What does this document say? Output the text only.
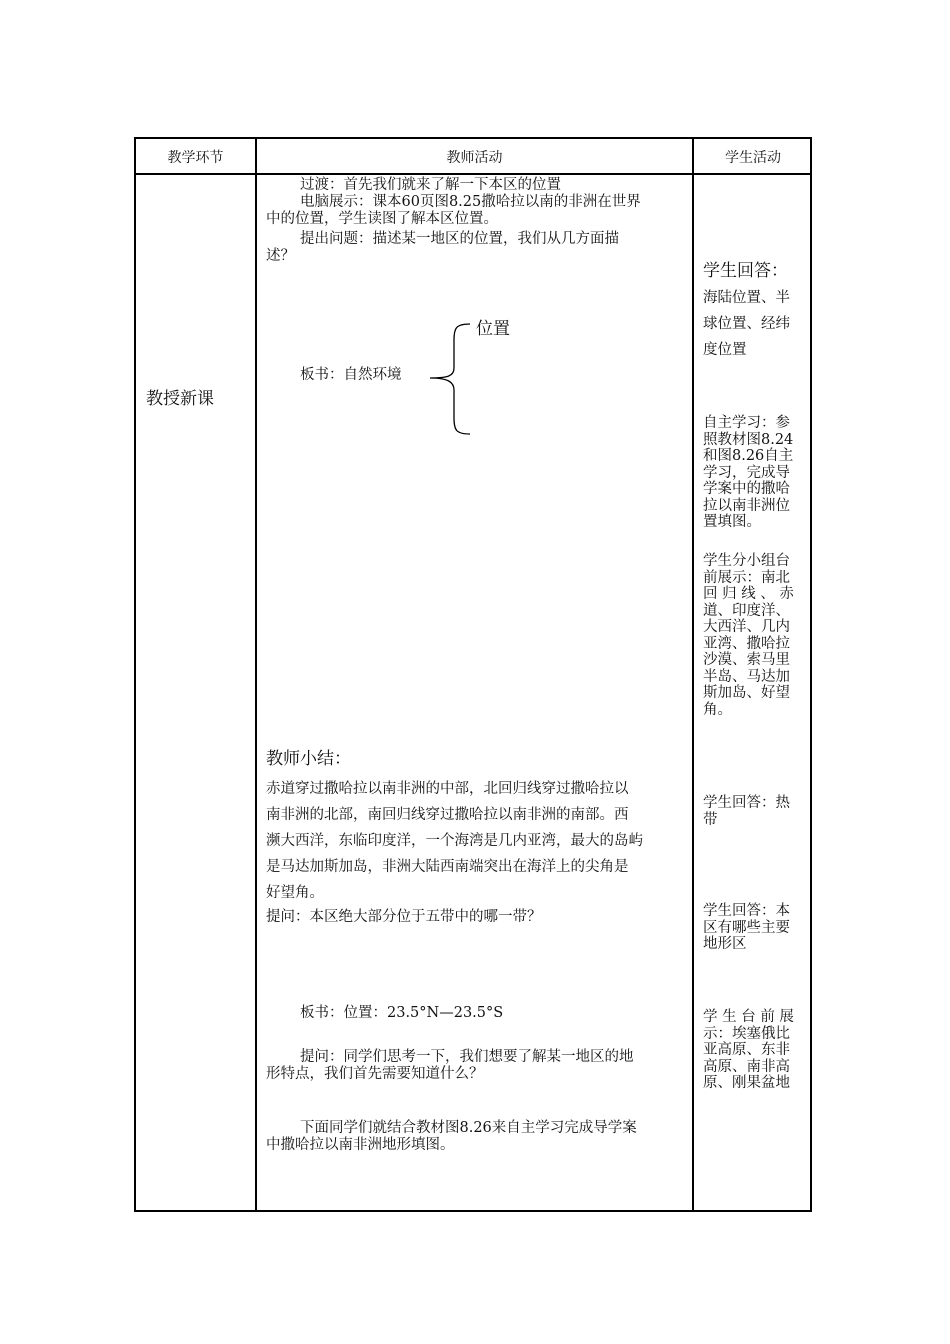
教学环节	教师活动	学生活动
教授新课
过渡：首先我们就来了解一下本区的位置
电脑展示：课本60页图8.25撒哈拉以南的非洲在世界
中的位置，学生读图了解本区位置。
提出问题：描述某一地区的位置，我们从几方面描
述？
板书：自然环境
位置
教师小结：
赤道穿过撒哈拉以南非洲的中部，北回归线穿过撒哈拉以
南非洲的北部，南回归线穿过撒哈拉以南非洲的南部。西
濒大西洋，东临印度洋，一个海湾是几内亚湾，最大的岛屿
是马达加斯加岛，非洲大陆西南端突出在海洋上的尖角是
好望角。
提问：本区绝大部分位于五带中的哪一带？
板书：位置：23.5°N—23.5°S
提问：同学们思考一下，我们想要了解某一地区的地
形特点，我们首先需要知道什么？
下面同学们就结合教材图8.26来自主学习完成导学案
中撒哈拉以南非洲地形填图。
学生回答：
海陆位置、半
球位置、经纬
度位置
自主学习：参
照教材图8.24
和图8.26自主
学习，完成导
学案中的撒哈
拉以南非洲位
置填图。
学生分小组台
前展示：南北
回 归 线 、 赤
道、印度洋、
大西洋、几内
亚湾、撒哈拉
沙漠、索马里
半岛、马达加
斯加岛、好望
角。
学生回答：热
带
学生回答：本
区有哪些主要
地形区
学 生 台 前 展
示：埃塞俄比
亚高原、东非
高原、南非高
原、刚果盆地
